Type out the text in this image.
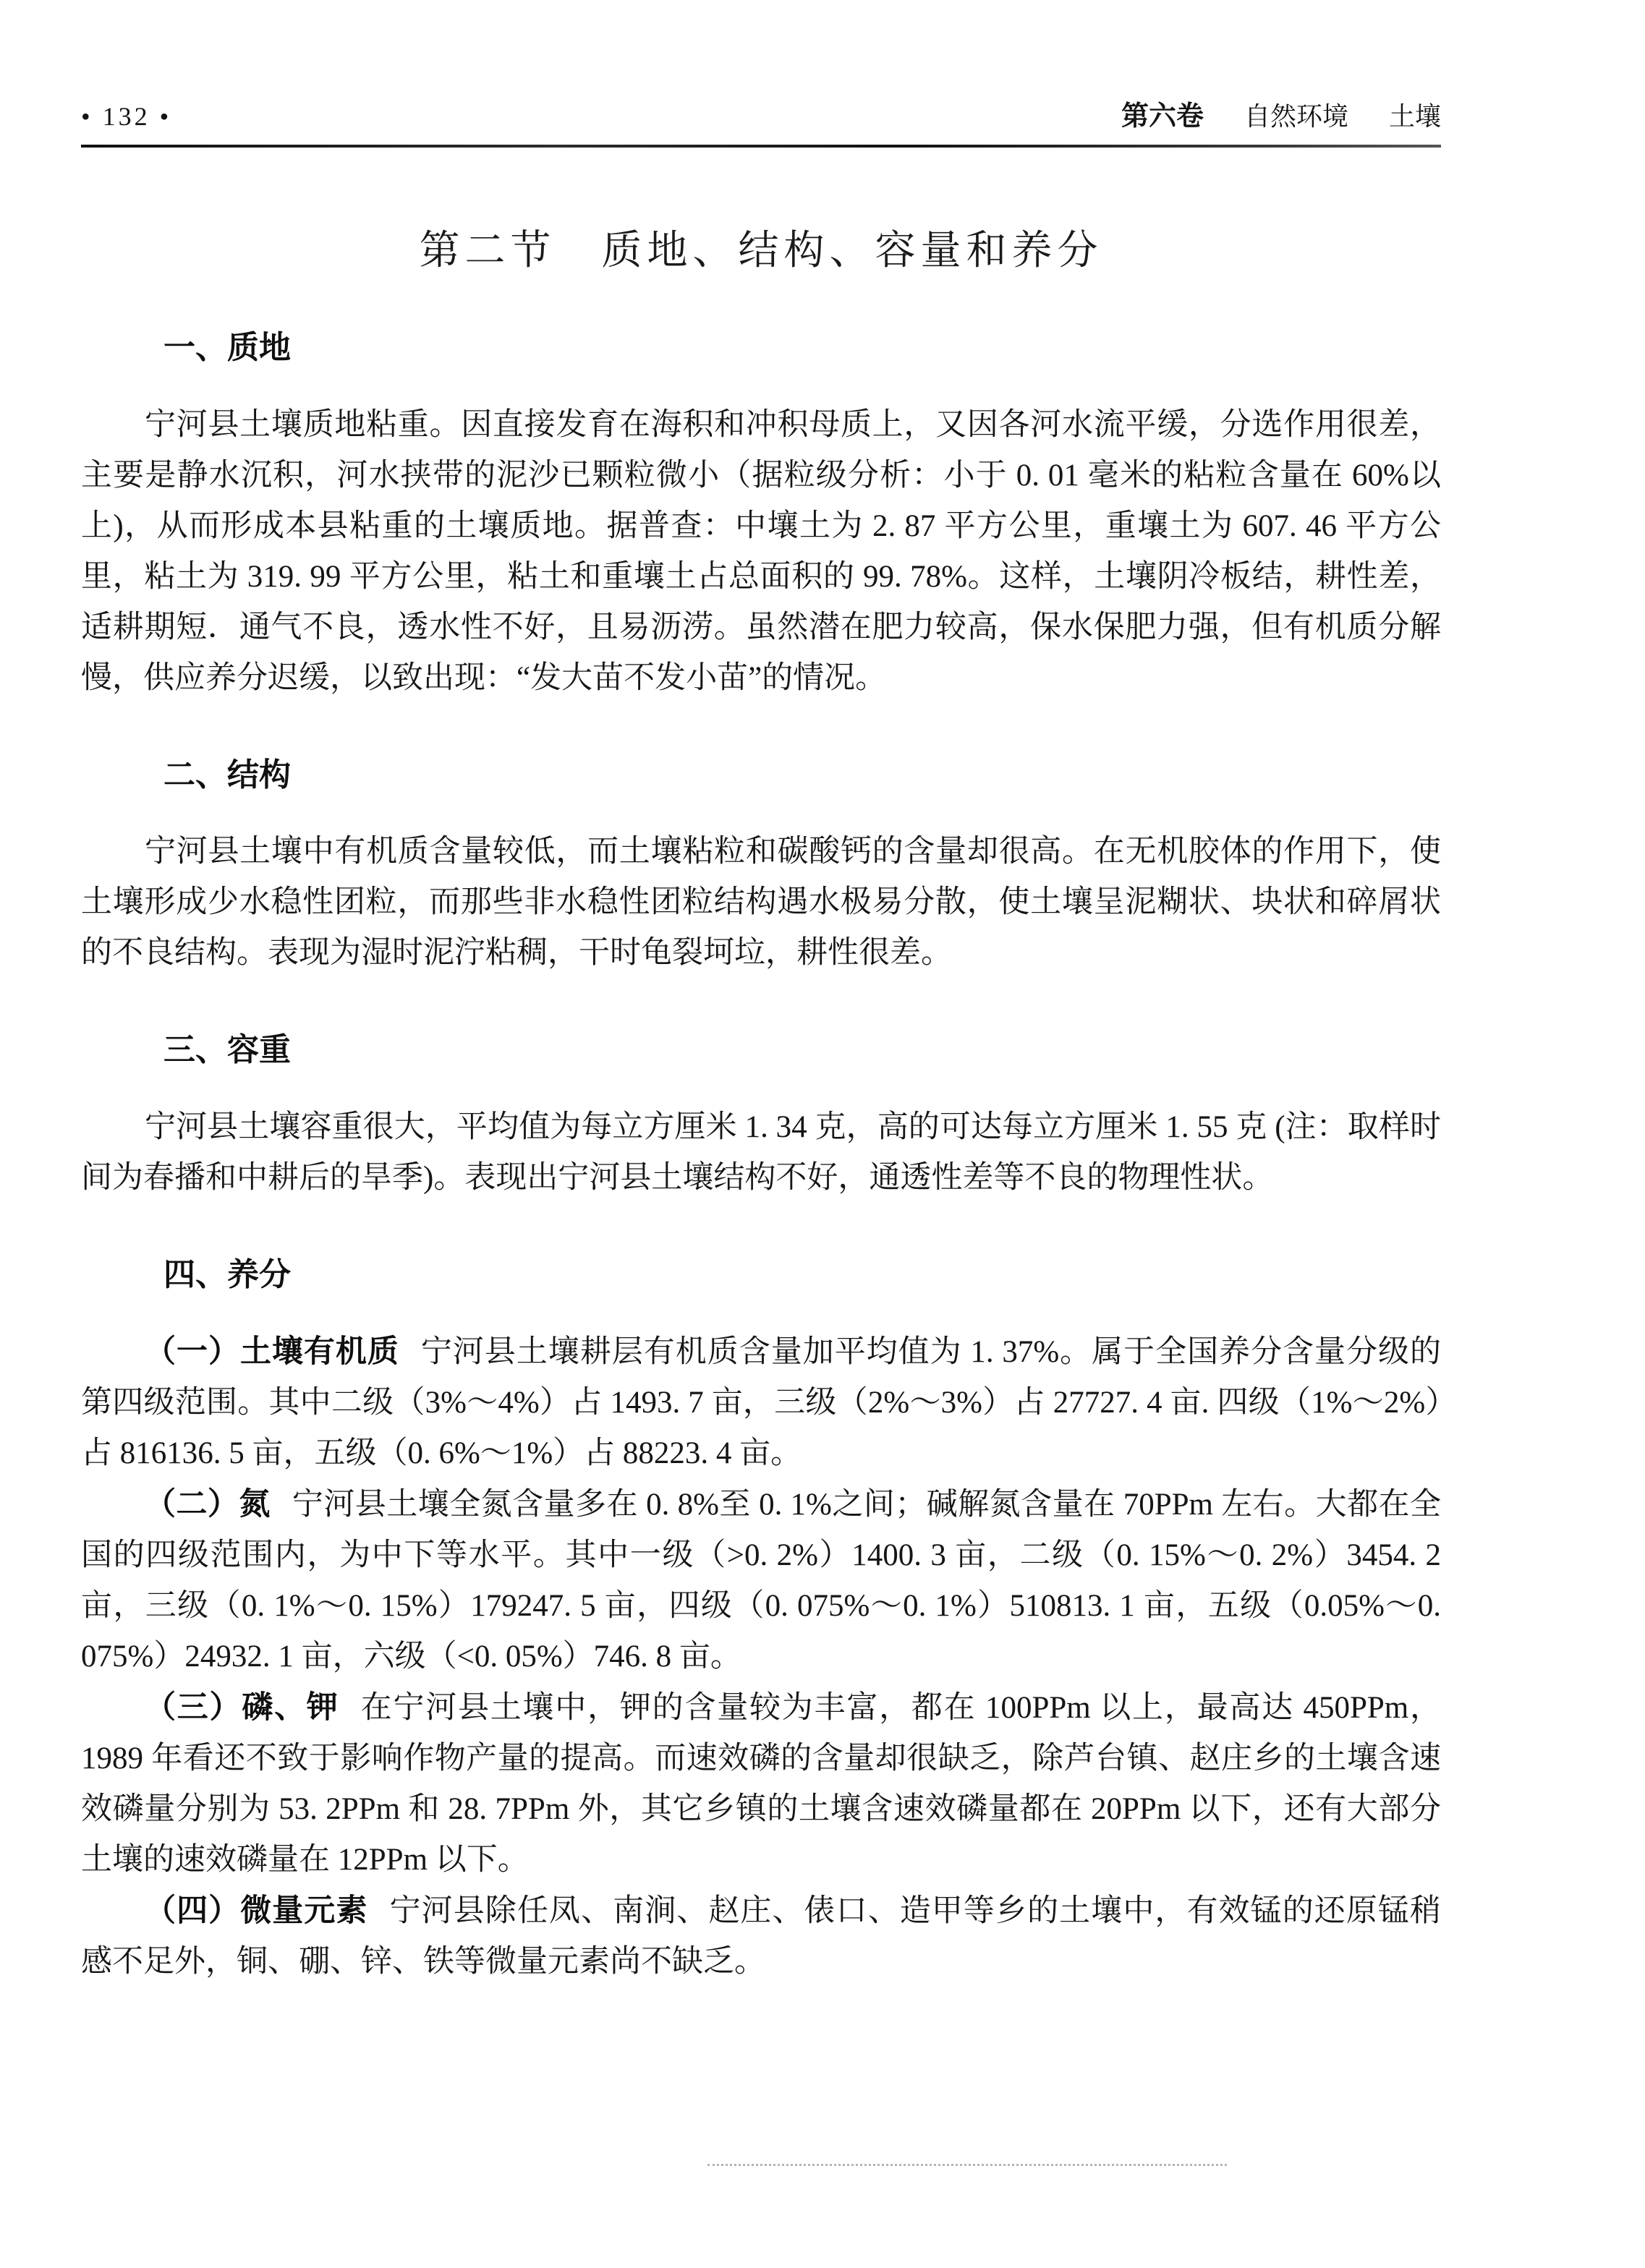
• 132 •	第六卷 自然环境 土壤
第二节　质地、结构、容量和养分
一、质地

宁河县土壤质地粘重。因直接发育在海积和冲积母质上，又因各河水流平缓，分选作用很差，主要是静水沉积，河水挟带的泥沙已颗粒微小（据粒级分析：小于 0. 01 毫米的粘粒含量在 60%以上)，从而形成本县粘重的土壤质地。据普查：中壤土为 2. 87 平方公里，重壤土为 607. 46 平方公里，粘土为 319. 99 平方公里，粘土和重壤土占总面积的 99. 78%。这样，土壤阴冷板结，耕性差，适耕期短．通气不良，透水性不好，且易沥涝。虽然潜在肥力较高，保水保肥力强，但有机质分解慢，供应养分迟缓，以致出现：“发大苗不发小苗”的情况。

二、结构

宁河县土壤中有机质含量较低，而土壤粘粒和碳酸钙的含量却很高。在无机胶体的作用下，使土壤形成少水稳性团粒，而那些非水稳性团粒结构遇水极易分散，使土壤呈泥糊状、块状和碎屑状的不良结构。表现为湿时泥泞粘稠，干时龟裂坷垃，耕性很差。

三、容重

宁河县土壤容重很大，平均值为每立方厘米 1. 34 克，高的可达每立方厘米 1. 55 克 (注：取样时间为春播和中耕后的旱季)。表现出宁河县土壤结构不好，通透性差等不良的物理性状。

四、养分

（一）土壤有机质 宁河县土壤耕层有机质含量加平均值为 1. 37%。属于全国养分含量分级的第四级范围。其中二级（3%～4%）占 1493. 7 亩，三级（2%～3%）占 27727. 4 亩. 四级（1%～2%）占 816136. 5 亩，五级（0. 6%～1%）占 88223. 4 亩。

（二）氮 宁河县土壤全氮含量多在 0. 8%至 0. 1%之间；碱解氮含量在 70PPm 左右。大都在全国的四级范围内，为中下等水平。其中一级（>0. 2%）1400. 3 亩，二级（0. 15%～0. 2%）3454. 2 亩，三级（0. 1%～0. 15%）179247. 5 亩，四级（0. 075%～0. 1%）510813. 1 亩，五级（0.05%～0. 075%）24932. 1 亩，六级（<0. 05%）746. 8 亩。

（三）磷、钾 在宁河县土壤中，钾的含量较为丰富，都在 100PPm 以上，最高达 450PPm，1989 年看还不致于影响作物产量的提高。而速效磷的含量却很缺乏，除芦台镇、赵庄乡的土壤含速效磷量分别为 53. 2PPm 和 28. 7PPm 外，其它乡镇的土壤含速效磷量都在 20PPm 以下，还有大部分土壤的速效磷量在 12PPm 以下。

（四）微量元素 宁河县除任凤、南涧、赵庄、俵口、造甲等乡的土壤中，有效锰的还原锰稍感不足外，铜、硼、锌、铁等微量元素尚不缺乏。
